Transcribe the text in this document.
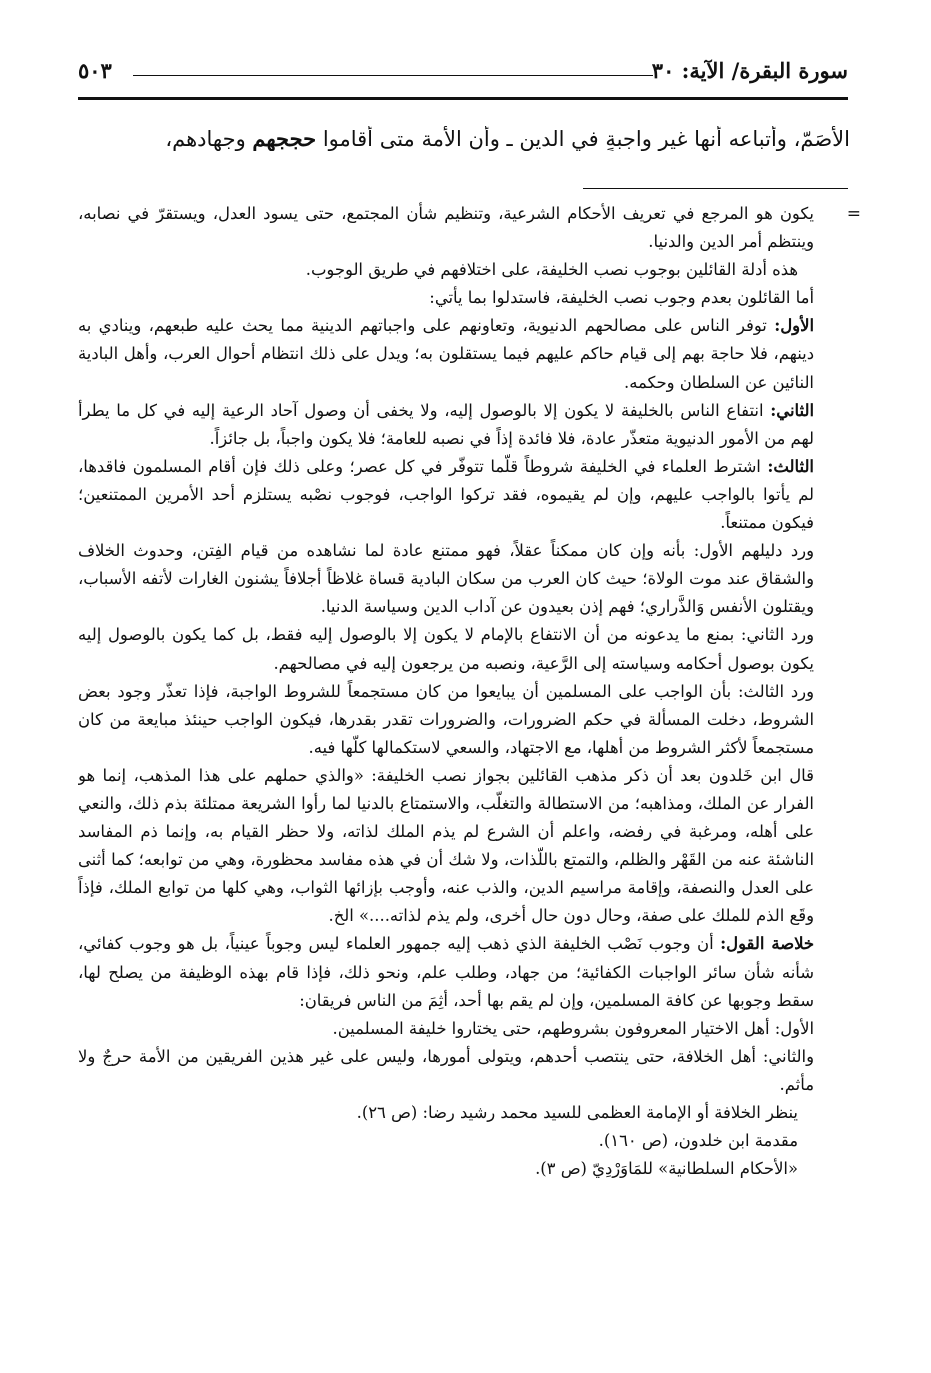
سورة البقرة/ الآية: ٣٠
٥٠٣
الأَصَمّ، وأتباعه أنها غير واجبةٍ في الدين ـ وأن الأمة متى أقاموا حججهم وجهادهم،
=

يكون هو المرجع في تعريف الأحكام الشرعية، وتنظيم شأن المجتمع، حتى يسود العدل، ويستقرّ في نصابه، وينتظم أمر الدين والدنيا.

هذه أدلة القائلين بوجوب نصب الخليفة، على اختلافهم في طريق الوجوب.

أما القائلون بعدم وجوب نصب الخليفة، فاستدلوا بما يأتي:

الأول: توفر الناس على مصالحهم الدنيوية، وتعاونهم على واجباتهم الدينية مما يحث عليه طبعهم، وينادي به دينهم، فلا حاجة بهم إلى قيام حاكم عليهم فيما يستقلون به؛ ويدل على ذلك انتظام أحوال العرب، وأهل البادية النائين عن السلطان وحكمه.

الثاني: انتفاع الناس بالخليفة لا يكون إلا بالوصول إليه، ولا يخفى أن وصول آحاد الرعية إليه في كل ما يطرأ لهم من الأمور الدنيوية متعذّر عادة، فلا فائدة إذاً في نصبه للعامة؛ فلا يكون واجباً، بل جائزاً.

الثالث: اشترط العلماء في الخليفة شروطاً قلّما تتوفّر في كل عصر؛ وعلى ذلك فإن أقام المسلمون فاقدها، لم يأتوا بالواجب عليهم، وإن لم يقيموه، فقد تركوا الواجب، فوجوب نصْبه يستلزم أحد الأمرين الممتنعين؛ فيكون ممتنعاً.

ورد دليلهم الأول: بأنه وإن كان ممكناً عقلاً، فهو ممتنع عادة لما نشاهده من قيام الفِتن، وحدوث الخلاف والشقاق عند موت الولاة؛ حيث كان العرب من سكان البادية قساة غلاظاً أجلافاً يشنون الغارات لأتفه الأسباب، ويقتلون الأنفس وَالذَّراري؛ فهم إذن بعيدون عن آداب الدين وسياسة الدنيا.

ورد الثاني: بمنع ما يدعونه من أن الانتفاع بالإمام لا يكون إلا بالوصول إليه فقط، بل كما يكون بالوصول إليه يكون بوصول أحكامه وسياسته إلى الرَّعية، ونصبه من يرجعون إليه في مصالحهم.

ورد الثالث: بأن الواجب على المسلمين أن يبايعوا من كان مستجمعاً للشروط الواجبة، فإذا تعذّر وجود بعض الشروط، دخلت المسألة في حكم الضرورات، والضرورات تقدر بقدرها، فيكون الواجب حينئذ مبايعة من كان مستجمعاً لأكثر الشروط من أهلها، مع الاجتهاد، والسعي لاستكمالها كلّها فيه.

قال ابن خَلدون بعد أن ذكر مذهب القائلين بجواز نصب الخليفة: «والذي حملهم على هذا المذهب، إنما هو الفرار عن الملك، ومذاهبه؛ من الاستطالة والتغلّب، والاستمتاع بالدنيا لما رأوا الشريعة ممتلئة بذم ذلك، والنعي على أهله، ومرغبة في رفضه، واعلم أن الشرع لم يذم الملك لذاته، ولا حظر القيام به، وإنما ذم المفاسد الناشئة عنه من القَهْر والظلم، والتمتع باللّذات، ولا شك أن في هذه مفاسد محظورة، وهي من توابعه؛ كما أثنى على العدل والنصفة، وإقامة مراسيم الدين، والذب عنه، وأوجب بإزائها الثواب، وهي كلها من توابع الملك، فإذاً وقَع الذم للملك على صفة، وحال دون حال أخرى، ولم يذم لذاته....» الخ.

خلاصة القول: أن وجوب نَصْب الخليفة الذي ذهب إليه جمهور العلماء ليس وجوباً عينياً، بل هو وجوب كفائي، شأنه شأن سائر الواجبات الكفائية؛ من جهاد، وطلب علم، ونحو ذلك، فإذا قام بهذه الوظيفة من يصلح لها، سقط وجوبها عن كافة المسلمين، وإن لم يقم بها أحد، أثِمَ من الناس فريقان:

الأول: أهل الاختيار المعروفون بشروطهم، حتى يختاروا خليفة المسلمين.

والثاني: أهل الخلافة، حتى ينتصب أحدهم، ويتولى أمورها، وليس على غير هذين الفريقين من الأمة حرجٌ ولا مأثم.

ينظر الخلافة أو الإمامة العظمى للسيد محمد رشيد رضا: (ص ٢٦).

مقدمة ابن خلدون، (ص ١٦٠).

«الأحكام السلطانية» للمَاوَرْدِيّ (ص ٣).
